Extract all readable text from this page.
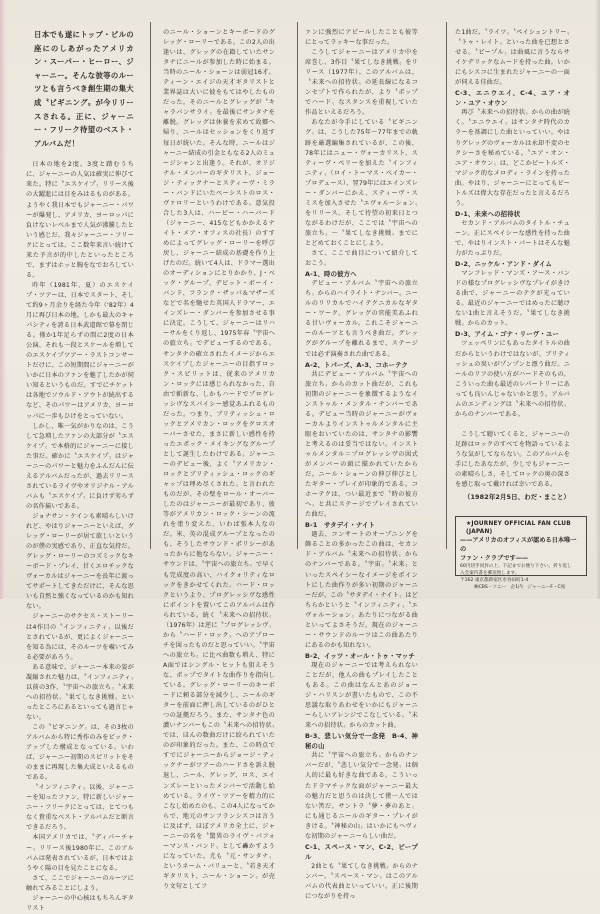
日本でも遂にトップ・ビルの座にのしあがったアメリカン・スーパー・ヒーロー、ジャーニー。そんな彼等のルーツとも言うべき創生期の集大成〝ビギニング〟が今リリースされる。正に、ジャーニー・フリーク待望のベスト・アルバムだ！

日本の地を2度、3度と踏むうちに、ジャーニーの人気は確実に伸びて来た。特に〝エスケイプ〟リリース後の大躍進には目をみはるものがある。ようやく我日本でもジャーニー・パワーが爆発し、アメリカ、ヨーロッパに負けないレベルまで人気が沸騰したという感じだ。我々ジャーニー・フリークにとっては、ここ数年来言い続けて来た予言が的中したといったところで、まずはホッと胸をなでおろしている。

昨年（1981年、夏）のエスケイプ・ツアーは、日本でスタート、そして約9ヶ月余りを経た今年（'82年）4月に再び日本の地。しかも最大のキャパシティを誇る日本武道館で幕を閉じる。僅か1年足らずの間に2度の日本公演、それも一段とスケールを増してのエスケイプツアー・ラストコンサートだけに、この短期間にジャーニーがいかに日本のファンを魅了したかが伺い知るというものだ。すでにチケットは各地でソウルド・アウトが続出するなど、そのパワーはアメリカ、ヨーロッパに一歩もひけをとっていない。

しかし、唯一気がかりなのは、こうして急増したファンの大部分が〝エスケイプ〟で本格的にジャーニーに接した事だ。確かに〝エスケイプ〟はジャーニーのパワーと魅力をふんだんに伝えるアルバムだったが、過去リリースされているライヴやオリジナル・アルバムも〝エスケイプ〟に負けず劣らずの名作揃いである。

ジョナサン・ケインも素晴らしいけれど、やはりジャーニーといえば、グレッグ・ローリーが居て欲しいというのが僕の実感であり、正直な気持だ。グレッグ・ローリーのコズミックなキーボード・プレイ、甘くエロチックなヴォーカルはジャーニーを長年に渡ってサポートしてきただけに、そんな思いも自然と強くなっているのかも知れない。

ジャーニーのサクセス・ストーリーは4作目の〝インフィニティ〟以後だとされているが、更によくジャーニーを知る為には、そのルーツを覗いてみる必要があろう。

ある意味で、ジャーニー本来の姿が凝縮された魅力は、〝インフィニティ〟以前の3作、〝宇宙への旅立ち〟〝未来への招待状〟〝果てしなき挑戦〟といったところにあるといっても過言じゃない。

この〝ビギニング〟は、その3枚のアルバムから特に秀作のみをピック・アップした構成となっている。いわば、ジャーニー初期のスピリットをそのままに再現した集大成といえるものである。

〝インフィニティ〟以後、ジャーニーを知ったファン、特に新しいジャーニー・フリークにとっては、とてつもなく貴重なベスト・アルバムだと断言できるだろう。

本国アメリカでは、〝ディパーチャー〟リリース後1980年に、このアルバムは発表されているが、日本ではようやく陽の目を見たことになる。

さて、ここでジャーニーのルーツに触れてみることにしよう。

ジャーニーの中心核はもちろんギタリスト

のニール・ショーンとキーボードのグレッグ・ローリーである。この2人の出逢いは、グレッグの在籍していたサンタナにニールが参加した時に始まる。当時のニール・ショーンは弱冠16才。ティーン・エイジの天才ギタリストと業界誌は大いに彼をもてはやしたものだった。そのニールとグレッグが〝キャラバンサライ〟を最後にサンタナを離脱。グレッグは休養を求めて故郷へ帰り、ニールはセッションをくり返す毎日が続いた。そんな時、ニールはジャーニー結成の引金ともなる2人のミュージシャンと出逢う。それが、オリジナル・メンバーのギタリスト、ジョージ・ティックナーとスティーヴ・ミラー・バンドにいたベーシストのロス・ヴァロリーというわけである。意気投合した3人は、ハービー・ハーバード（ジャーニー、415などもかかえるナイト・メア・オフィスの社長）のすすめによってグレッグ・ローリーを呼び戻し、ジャーニー結成の基礎を作り上げたのだ。続いて4人は、ドラマー選出のオーディションにとりかかり、J・ベック・グループ、デビット・ボーイ・バンド、フランク・ザッパ＆マザーズなどで名を馳せた英国人ドラマー、エインズレー・ダンバーを参加させる事に決定。こうして、ジャーニーはリハーサルをくり返し、1975年春〝宇宙への旅立ち〟でデビューするのである。サンタナの確立されたイメージからエスケイプしたジャーニーの目指すロック・スピリットは、従来のアメリカン・ロックには感じられなかった、自由で斬新な、しかもハードでプログレッシヴなスパイシー感覚あふれるものだった。つまり、ブリティッシュ・ロックとアメリカン・ロックをクロスオーバーさせた、まさに新しい感性を持ったエポック・メイキングなグループとして誕生したわけである。ジャーニーのデビュー後、よく〝アメリカン・ロックとブリティッシュ・ロックのギャップは埋め尽くされた〟と言われたものだが、その壁をロール・オーバーしたのはジャーニーが最初であり、彼等がアメリカン・ロック・シーンの流れを塗り変えた、いわば張本人なのだ。米、英の混成グループとなったのも、そうしたサウンド・ポリシーがあったからに他ならない。ジャーニー・サウンドは、〝宇宙への旅立ち〟で早くも完成度の高い、ハイクォリティなロックをきかせてくれた。ハード・ロックというより、プログレッシヴな感性にポイントを置いてこのアルバムは作られている。続く〝未来への招待状〟（1976年）は逆に〝プログレッシヴ〟から〝ハード・ロック〟へのアプローチを図ったものだと思っていい。〝宇宙への旅立ち〟に比べ曲数も増え、特にA面ではシングル・ヒットも狙えそうな、ポップでタイトな曲作りを指向している。グレッグ・ローリーのキーボードに頼る部分を減少し、ニールのギターを前面に押し出しているのがひとつの証拠だろう。また、サンタナ色の濃いナンバーもこの〝未来への招待状〟では、ほんの数曲だけに絞られていたのが印象的だった。また、この時点ですでにジャーニーからジョージ・ティックナーがツアーのハードさを訴え脱退し、ニール、グレッグ、ロス、エインズレーといったメンバーで活動し始めている。ライヴ・ツアーを精力的にこなし始めたのも、この4人になってからで、地元のサンフランシスコは言うに及ばず、ほぼアメリカ全土に、ジャーニーの名を〝驚異のライヴ・パフォーマンス・バンド〟として轟かすようになっていた。尤も〝元・サンタナ〟というネーム・バリューと、〝若き天才ギタリスト、ニール・ショーン〟が売り文句としてフ

ァンに強烈にアピールしたことも彼等にとってラッキーな事だった。

こうしてジャーニーはアメリカ中を席巻し、3作目〝果てしなき挑戦〟をリリース（1977年）。このアルバムは、〝未来への招待状〟の延長線になるコンセプトで作られたが、より〝ポップでハード〟なスタンスを重視していた作品といえるだろう。

あなたが今手にしている〝ビギニング〟は、こうした75年〜77年までの軌跡を厳選編集されているが、この後、78年にはニュー・ヴォーカリスト、スティーヴ・ペリーを加えた〝インフィニティ〟（ロイ・トーマス・ベイカー・プロデュース）、翌79年にはエインズレー・ダンバーにかえ、スティーヴ・スミスを加入させた〝エヴォルーション〟をリリース。そして待望の初来日とつながるわけだが、ここでは〝宇宙への旅立ち〟〜〝果てしなき挑戦〟までにとどめておくことにしよう。

さて、ここで曲目について紹介しておこう。

A-1、時の彼方へ

デビュー・アルバム〝宇宙への旅立ち〟からのハイライト・ナンバー。ニールのリリカルでハイテクニカルなギター・ワーク、グレッグの官能美あふれる甘いヴォーカル。これこそジャーニーのルーツとも言うべき曲だ。グレッグがグループを離れるまで、ステージでは必ず演奏された曲である。

A-2、トパーズ、A-3、コホーテク

共にデビュー・アルバム〝宇宙への旅立ち〟からのカット曲だが、これも初期のジャーニーを象徴するようなインストゥル・メンタル・ナンバーである。デビュー当時のジャーニーがヴォーカルよりインストゥルメンタルに主眼をおいていたのは、サンタナの影響と考えるのは妥当ではない。インストゥルメンタル＝プログレッシヴの図式がメンバーの頭に描かれていたからだ。ニール・ショーンの伸び伸びとしたギター・プレイが印象的である。コホーテクは、つい最近まで〝時の彼方へ〟と共にステージでプレイされていた曲だ。

B-1　サタデイ・ナイト

過去、コンサートのオープニングを飾ることの多かったこの曲は、セカンド・アルバム〝未来への招待状〟からのナンバーである。〝宇宙〟〝未来〟といったスペイシーなイメージをポイントにした曲作りが多い初期のジャーニーだが、この〝サタデイ・ナイト〟はどちらかというと〝インフィニティ〟〝エヴォルーション〟あたりにつながる曲といってよさそうだ。現在のジャーニー・サウンドのルーツはこの曲あたりにあるのかも知れない。

B-2、イッツ・オール・トゥ・マッチ

現在のジャーニーでは考えられないことだが、他人の曲もプレイしたこともある。この曲はなんとあのジョージ・ハリスンが書いたもので、この不思議な取りあわせをいかにもジャーニーらしいアレンジでこなしている。〝未来への招待状〟からのカット曲。

B-3、悲しい気分で一念発　B-4、神秘の山

共に〝宇宙への旅立ち〟からのナンバーだが、〝悲しい気分で一念発〟は個人的に最も好きな曲である。こういったドラマチックな面がジャーニー最大の魅力だと思うのは決して僕一人ではない筈だ。サントラ〝夢・夢のあと〟にも通じるニールのギター・プレイがきける。〝神秘の山〟はいかにもヘヴィな初期のジャーニーらしい曲だ。

C-1、スペース・マン、C-2、ピープル

2曲とも〝果てしなき挑戦〟からのナンバー。〝スペース・マン〟はこのアルバムの代表曲といっていい。正に後期につながりを持っ

た1曲だ。〝ライツ〟〝ペイシェントリー〟〝トゥ・レイト〟といった曲を已想とさせる。〝ピープル〟は曲風に言うならサイケデリックなムードを持った曲。いかにもシスコに生まれたジャーニーの一面が伺える佳曲だ。

C-3、エニウエイ、C-4、ユア・オン・ユア・オウン

再び〝未来への招待状〟からの曲が続く。〝エニウエイ〟はサンタナ時代のカラーを基調にした曲といっていい。やはりグレッグのヴォーカルは永却不変のセクシーさを秘めている。〝ユア・オン・ユア・オウン〟は、どこかビートルズ・マジック的なメロディ・ラインを持った曲。やはり、ジャーニーにとってもビートルズは偉大な存在だったと言えるだろう。

D-1、未来への招待状

セカンド・アルバムのタイトル・チューン。正にスペイシーな感性を持った曲で、やはりインスト・パートはそんな魅力がたっぷりだ。

D-2、ニッケル・アンド・ダイム

マンフレッド・マンズ・アース・バンドの様なプログレッシヴなプレイがきける曲で、ジャーニーのテクが光っている。最近のジャーニーではめったに聴けない1曲と言えそうだ。〝果てしなき挑戦〟からのカット。

D-3、アイム・ゴナ・リーヴ・ユー

ツェッペリンにもあったタイトルの曲だからというわけではないが、ブリティッシュの臭いがプンプンと漂う曲だ。ニールのリフの使い方がハードそのもの。こういった曲も最近のレパートリーにあっても良いんじゃないかと思う。アルバムのエンディングは〝未来への招待状〟からのナンバーである。

こうして聴いてくると、ジャーニーの足跡はロックのすべてを物語っているような気がしてならない。このアルバムを手にしたあなたが、少しでもジャーニーの素晴らしさ、そしてロックの奥の深さを感じ取って戴ければ幸いである。

（1982年2月5日、わだ・まこと）

★JOURNEY OFFICIAL FAN CLUB (JAPAN)
——アメリカのオフィスが認める日本唯一の
ファン・クラブです——
60円切手同封の上、下記までお便り下さい。折り返し
入会案内書を郵送致します。
〒162 東京都新宿区市谷田町1-4
㈱CBS・ソニー　企1内　ジャーニーF・C宛
